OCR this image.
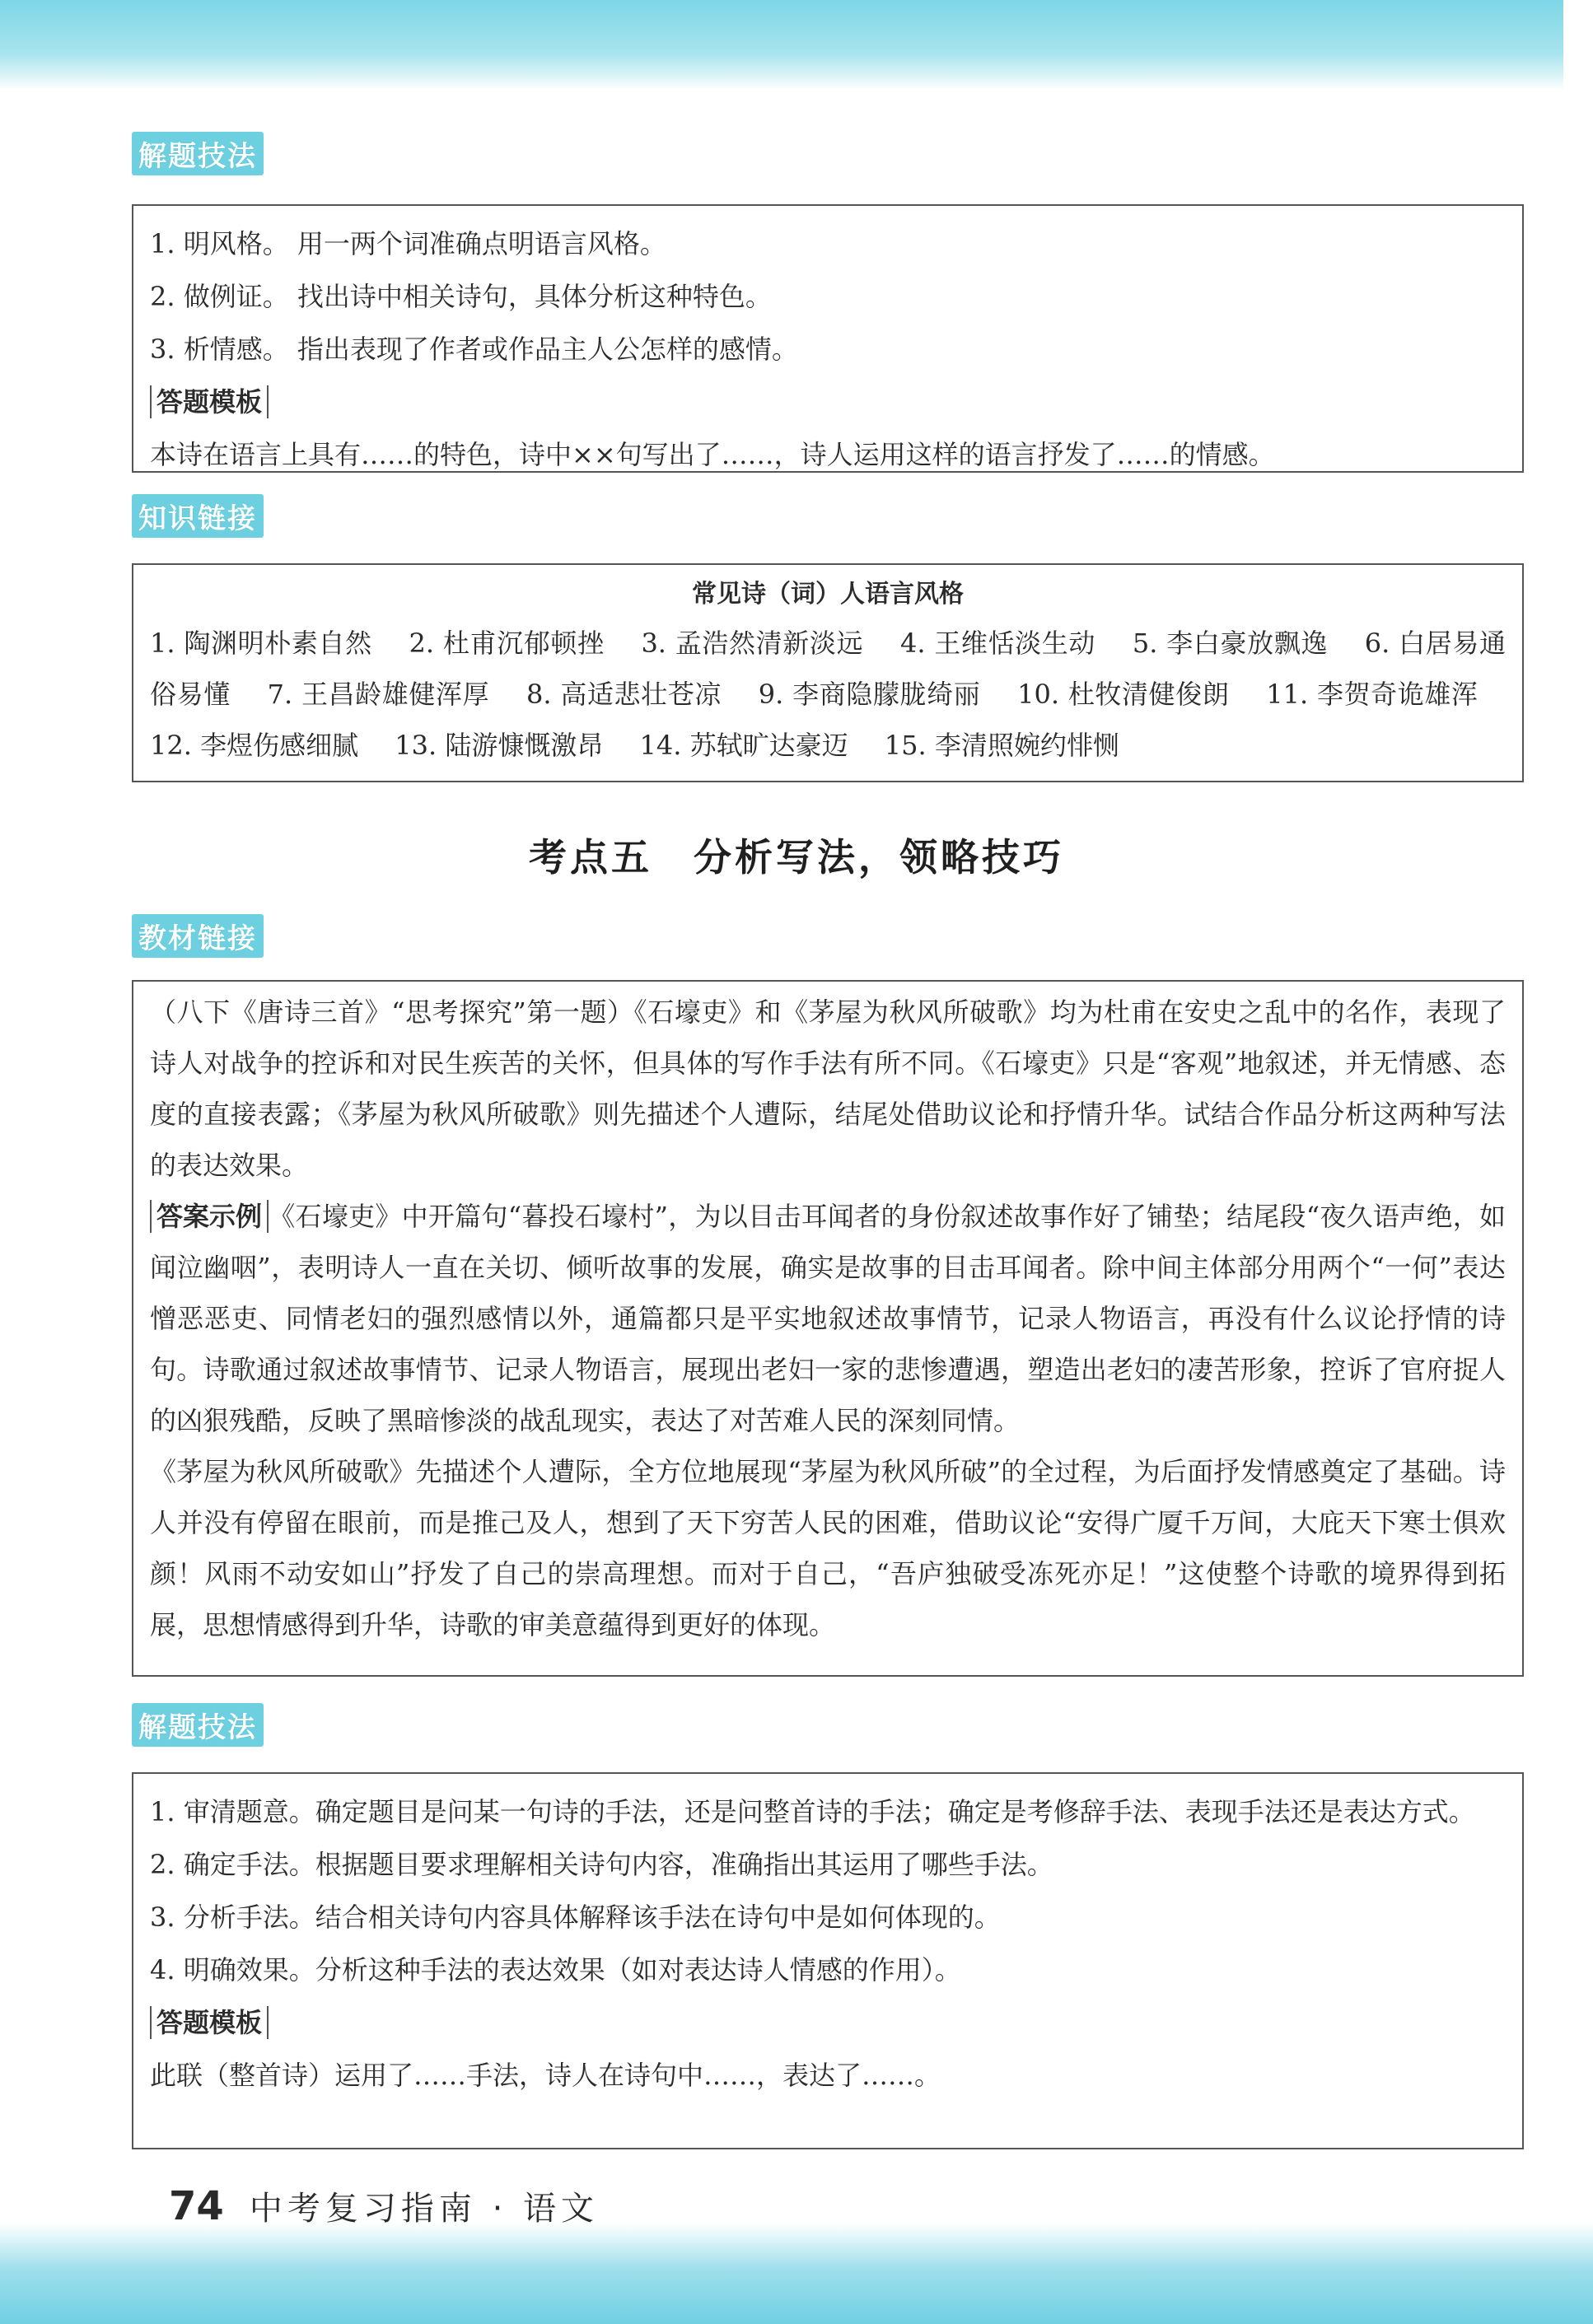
解题技法

1. 明风格。 用一两个词准确点明语言风格。

2. 做例证。 找出诗中相关诗句，具体分析这种特色。

3. 析情感。 指出表现了作者或作品主人公怎样的感情。

答题模板

本诗在语言上具有……的特色，诗中××句写出了……，诗人运用这样的语言抒发了……的情感。

知识链接
常见诗（词）人语言风格
1. 陶渊明朴素自然 2. 杜甫沉郁顿挫 3. 孟浩然清新淡远 4. 王维恬淡生动 5. 李白豪放飘逸 6. 白居易通俗易懂 7. 王昌龄雄健浑厚 8. 高适悲壮苍凉 9. 李商隐朦胧绮丽 10. 杜牧清健俊朗 11. 李贺奇诡雄浑 12. 李煜伤感细腻 13. 陆游慷慨激昂 14. 苏轼旷达豪迈 15. 李清照婉约悱恻
考点五　分析写法，领略技巧
教材链接

（八下《唐诗三首》“思考探究”第一题）《石壕吏》和《茅屋为秋风所破歌》均为杜甫在安史之乱中的名作，表现了诗人对战争的控诉和对民生疾苦的关怀，但具体的写作手法有所不同。《石壕吏》只是“客观”地叙述，并无情感、态度的直接表露；《茅屋为秋风所破歌》则先描述个人遭际，结尾处借助议论和抒情升华。试结合作品分析这两种写法的表达效果。

答案示例 《石壕吏》中开篇句“暮投石壕村”，为以目击耳闻者的身份叙述故事作好了铺垫；结尾段“夜久语声绝，如闻泣幽咽”，表明诗人一直在关切、倾听故事的发展，确实是故事的目击耳闻者。除中间主体部分用两个“一何”表达憎恶恶吏、同情老妇的强烈感情以外，通篇都只是平实地叙述故事情节，记录人物语言，再没有什么议论抒情的诗句。诗歌通过叙述故事情节、记录人物语言，展现出老妇一家的悲惨遭遇，塑造出老妇的凄苦形象，控诉了官府捉人的凶狠残酷，反映了黑暗惨淡的战乱现实，表达了对苦难人民的深刻同情。

《茅屋为秋风所破歌》先描述个人遭际，全方位地展现“茅屋为秋风所破”的全过程，为后面抒发情感奠定了基础。诗人并没有停留在眼前，而是推己及人，想到了天下穷苦人民的困难，借助议论“安得广厦千万间，大庇天下寒士俱欢颜！风雨不动安如山”抒发了自己的崇高理想。而对于自己，“吾庐独破受冻死亦足！”这使整个诗歌的境界得到拓展，思想情感得到升华，诗歌的审美意蕴得到更好的体现。

解题技法

1. 审清题意。确定题目是问某一句诗的手法，还是问整首诗的手法；确定是考修辞手法、表现手法还是表达方式。

2. 确定手法。根据题目要求理解相关诗句内容，准确指出其运用了哪些手法。

3. 分析手法。结合相关诗句内容具体解释该手法在诗句中是如何体现的。

4. 明确效果。分析这种手法的表达效果（如对表达诗人情感的作用）。

答题模板

此联（整首诗）运用了……手法，诗人在诗句中……，表达了……。

74 中考复习指南 · 语文
